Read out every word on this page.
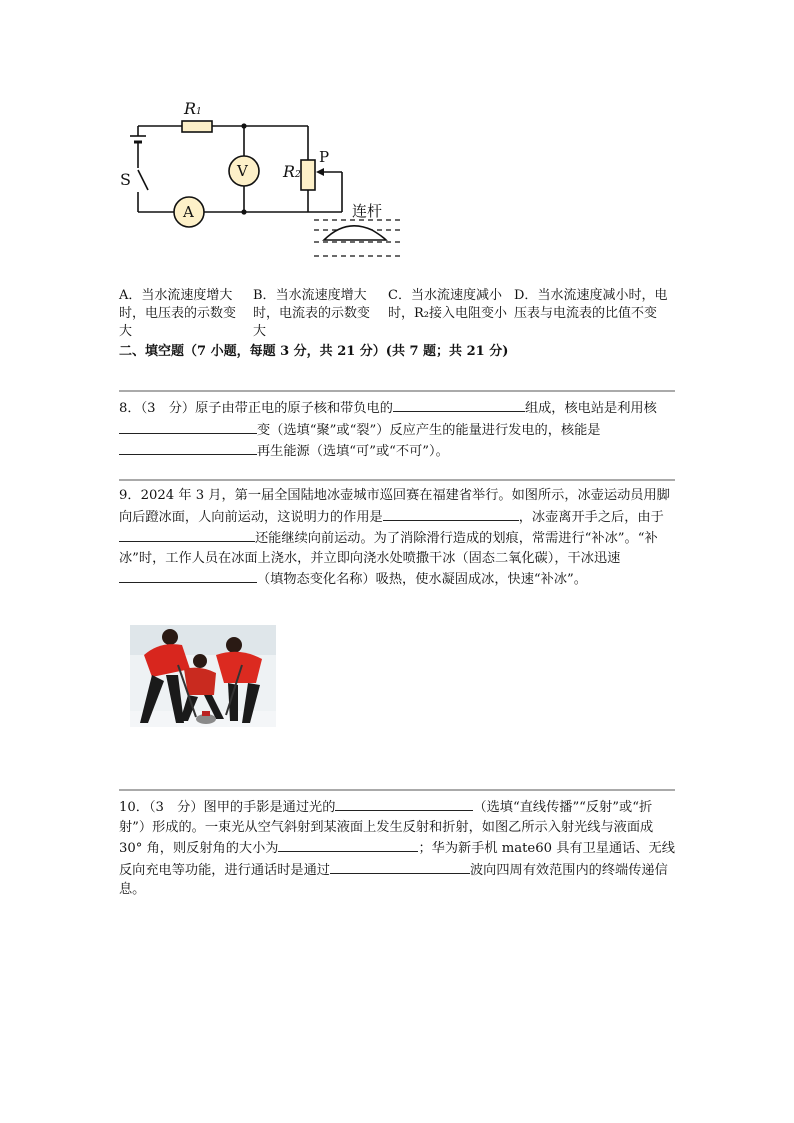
R1
V
A
R2
P
S
连杆
A．当水流速度增大时，电压表的示数变大
B．当水流速度增大时，电流表的示数变大
C．当水流速度减小时，R₂接入电阻变小
D．当水流速度减小时，电压表与电流表的比值不变
二、填空题（7 小题，每题 3 分，共 21 分）(共 7 题；共 21 分)
8．（3　分）原子由带正电的原子核和带负电的	组成，核电站是利用核变（选填“聚”或“裂”）反应产生的能量进行发电的，核能是再生能源（选填“可”或“不可”）。
9．2024 年 3 月，第一届全国陆地冰壶城市巡回赛在福建省举行。如图所示，冰壶运动员用脚向后蹬冰面，人向前运动，这说明力的作用是	，冰壶离开手之后，由于还能继续向前运动。为了消除滑行造成的划痕，常需进行“补冰”。“补冰”时，工作人员在冰面上浇水，并立即向浇水处喷撒干冰（固态二氧化碳），干冰迅速（填物态变化名称）吸热，使水凝固成冰，快速“补冰”。
10．（3　分）图甲的手影是通过光的	（选填“直线传播”“反射”或“折射”）形成的。一束光从空气斜射到某液面上发生反射和折射，如图乙所示入射光线与液面成 30° 角，则反射角的大小为	；华为新手机 mate60 具有卫星通话、无线反向充电等功能，进行通话时是通过	波向四周有效范围内的终端传递信息。
